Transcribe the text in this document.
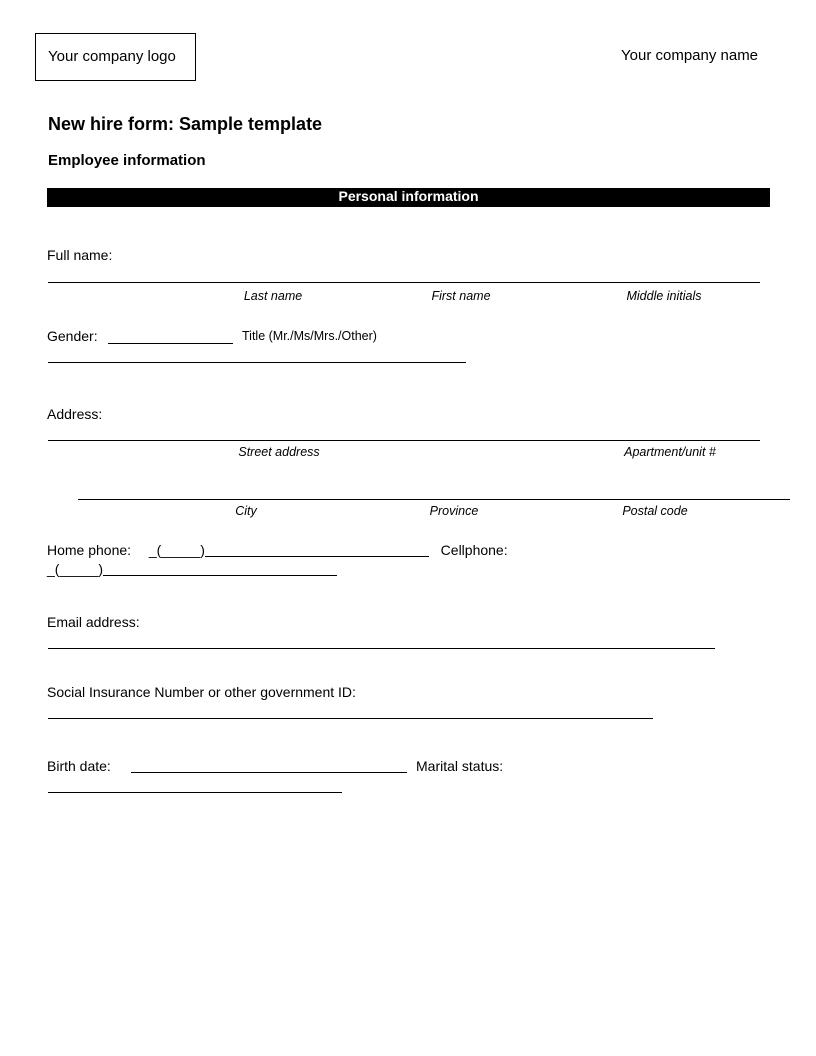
Your company logo	Your company name
New hire form: Sample template
Employee information
Personal information
Full name:
Last name	First name	Middle initials
Gender:	Title (Mr./Ms/Mrs./Other)
Address:
Street address	Apartment/unit #
City	Province	Postal code
Home phone: _(_____)	Cellphone:
_(_____)
Email address:
Social Insurance Number or other government ID:
Birth date:	Marital status:
